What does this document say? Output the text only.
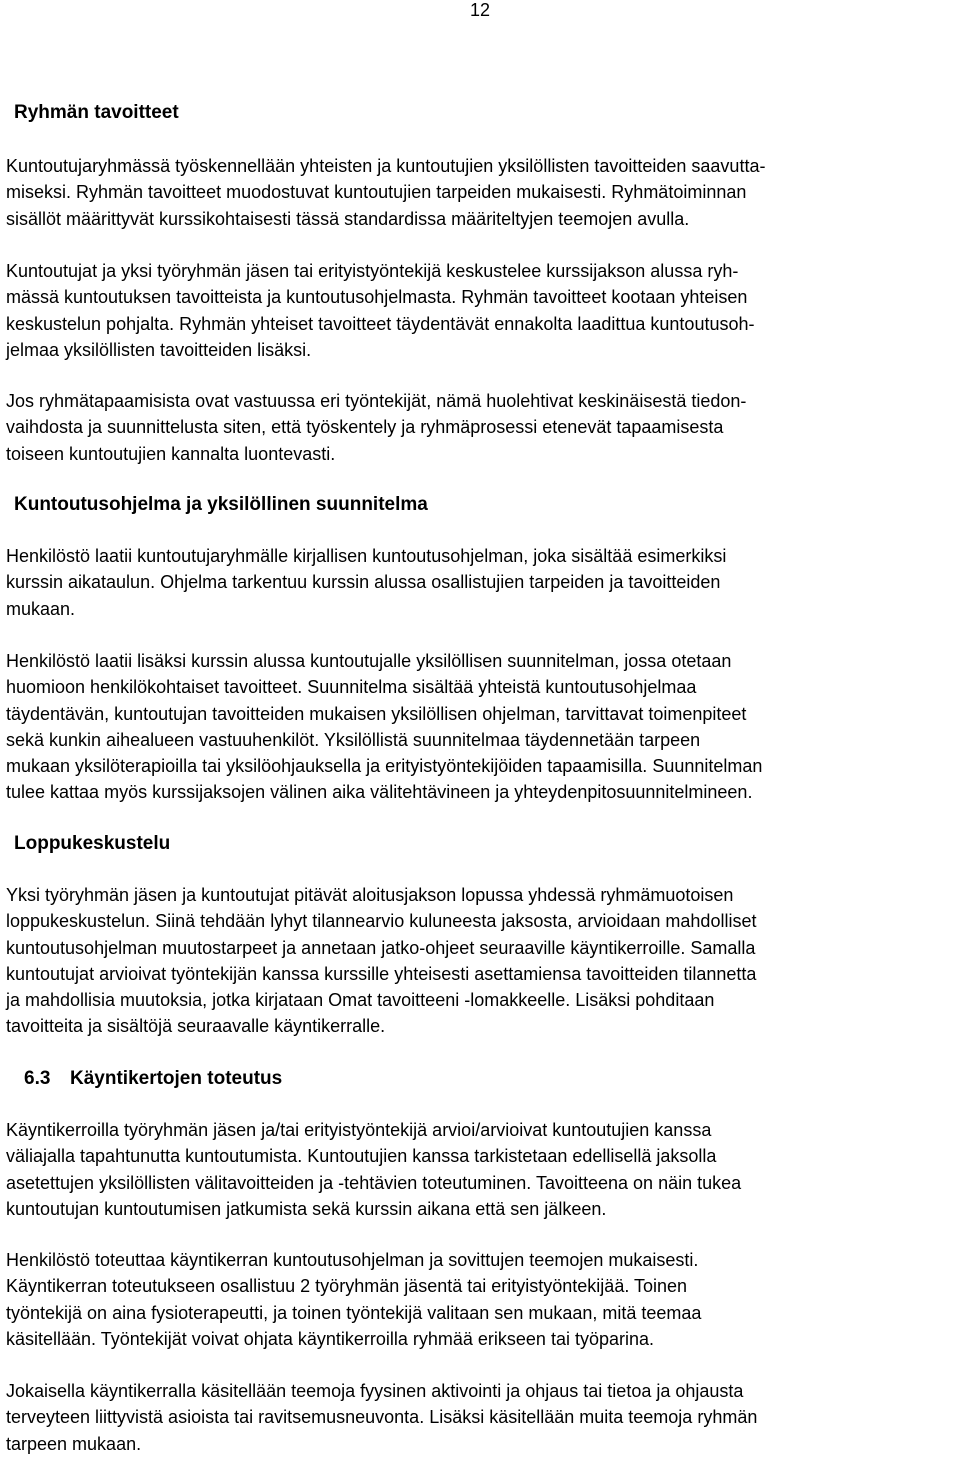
12
Ryhmän tavoitteet
Kuntoutujaryhmässä työskennellään yhteisten ja kuntoutujien yksilöllisten tavoitteiden saavutta-
miseksi. Ryhmän tavoitteet muodostuvat kuntoutujien tarpeiden mukaisesti. Ryhmätoiminnan
sisällöt määrittyvät kurssikohtaisesti tässä standardissa määriteltyjen teemojen avulla.
Kuntoutujat ja yksi työryhmän jäsen tai erityistyöntekijä keskustelee kurssijakson alussa ryh-
mässä kuntoutuksen tavoitteista ja kuntoutusohjelmasta. Ryhmän tavoitteet kootaan yhteisen
keskustelun pohjalta. Ryhmän yhteiset tavoitteet täydentävät ennakolta laadittua kuntoutusoh-
jelmaa yksilöllisten tavoitteiden lisäksi.
Jos ryhmätapaamisista ovat vastuussa eri työntekijät, nämä huolehtivat keskinäisestä tiedon-
vaihdosta ja suunnittelusta siten, että työskentely ja ryhmäprosessi etenevät tapaamisesta
toiseen kuntoutujien kannalta luontevasti.
Kuntoutusohjelma ja yksilöllinen suunnitelma
Henkilöstö laatii kuntoutujaryhmälle kirjallisen kuntoutusohjelman, joka sisältää esimerkiksi
kurssin aikataulun. Ohjelma tarkentuu kurssin alussa osallistujien tarpeiden ja tavoitteiden
mukaan.
Henkilöstö laatii lisäksi kurssin alussa kuntoutujalle yksilöllisen suunnitelman, jossa otetaan
huomioon henkilökohtaiset tavoitteet. Suunnitelma sisältää yhteistä kuntoutusohjelmaa
täydentävän, kuntoutujan tavoitteiden mukaisen yksilöllisen ohjelman, tarvittavat toimenpiteet
sekä kunkin aihealueen vastuuhenkilöt. Yksilöllistä suunnitelmaa täydennetään tarpeen
mukaan yksilöterapioilla tai yksilöohjauksella ja erityistyöntekijöiden tapaamisilla. Suunnitelman
tulee kattaa myös kurssijaksojen välinen aika välitehtävineen ja yhteydenpitosuunnitelmineen.
Loppukeskustelu
Yksi työryhmän jäsen ja kuntoutujat pitävät aloitusjakson lopussa yhdessä ryhmämuotoisen
loppukeskustelun. Siinä tehdään lyhyt tilannearvio kuluneesta jaksosta, arvioidaan mahdolliset
kuntoutusohjelman muutostarpeet ja annetaan jatko-ohjeet seuraaville käyntikerroille. Samalla
kuntoutujat arvioivat työntekijän kanssa kurssille yhteisesti asettamiensa tavoitteiden tilannetta
ja mahdollisia muutoksia, jotka kirjataan Omat tavoitteeni -lomakkeelle. Lisäksi pohditaan
tavoitteita ja sisältöjä seuraavalle käyntikerralle.
6.3 Käyntikertojen toteutus
Käyntikerroilla työryhmän jäsen ja/tai erityistyöntekijä arvioi/arvioivat kuntoutujien kanssa
väliajalla tapahtunutta kuntoutumista. Kuntoutujien kanssa tarkistetaan edellisellä jaksolla
asetettujen yksilöllisten välitavoitteiden ja -tehtävien toteutuminen. Tavoitteena on näin tukea
kuntoutujan kuntoutumisen jatkumista sekä kurssin aikana että sen jälkeen.
Henkilöstö toteuttaa käyntikerran kuntoutusohjelman ja sovittujen teemojen mukaisesti.
Käyntikerran toteutukseen osallistuu 2 työryhmän jäsentä tai erityistyöntekijää. Toinen
työntekijä on aina fysioterapeutti, ja toinen työntekijä valitaan sen mukaan, mitä teemaa
käsitellään. Työntekijät voivat ohjata käyntikerroilla ryhmää erikseen tai työparina.
Jokaisella käyntikerralla käsitellään teemoja fyysinen aktivointi ja ohjaus tai tietoa ja ohjausta
terveyteen liittyvistä asioista tai ravitsemusneuvonta. Lisäksi käsitellään muita teemoja ryhmän
tarpeen mukaan.
